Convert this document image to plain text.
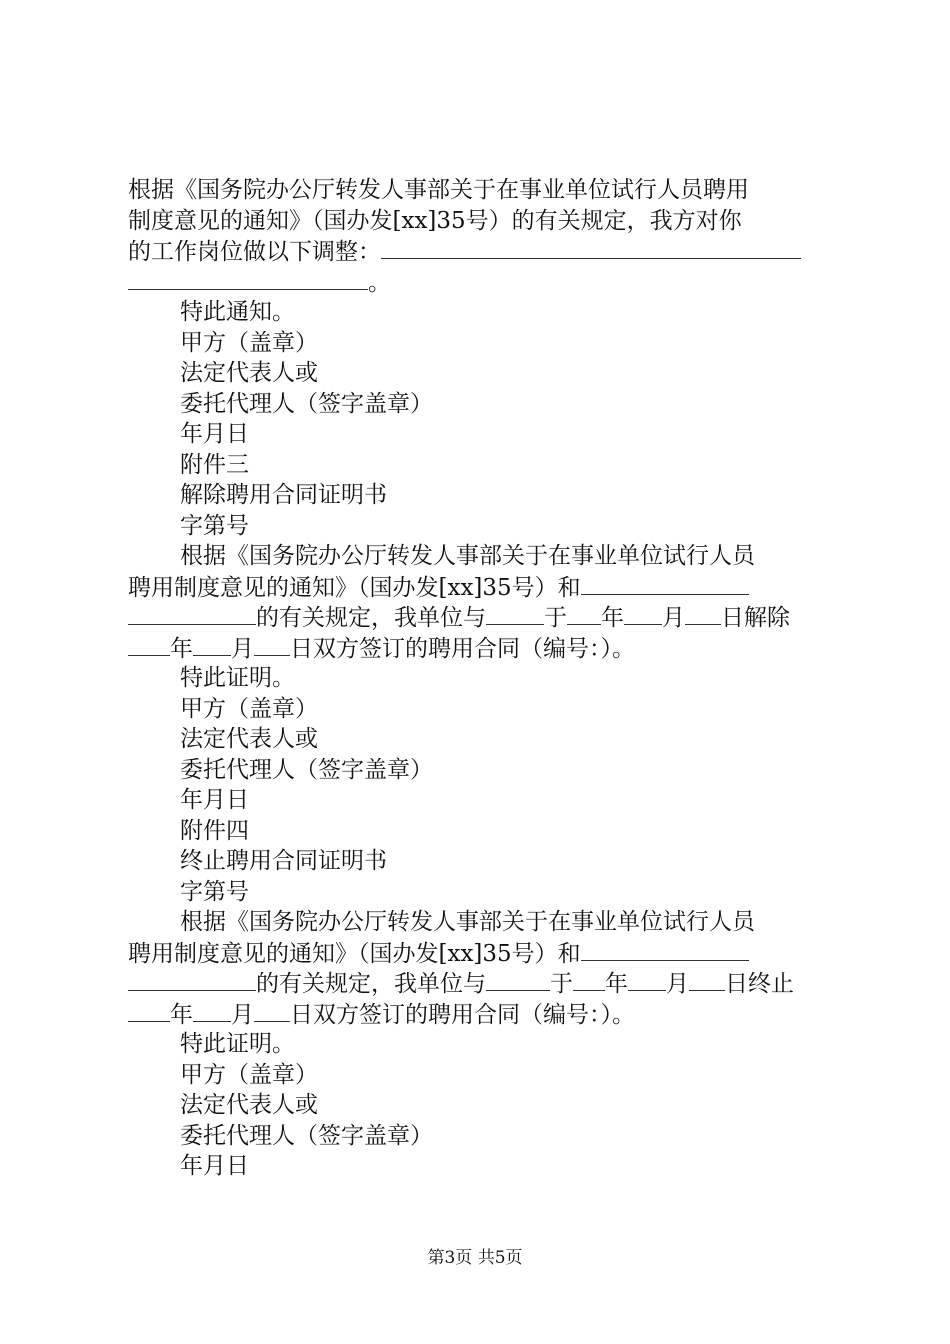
根据《国务院办公厅转发人事部关于在事业单位试行人员聘用
制度意见的通知》（国办发[xx]35号）的有关规定，我方对你
的工作岗位做以下调整：
。
特此通知。
甲方（盖章）
法定代表人或
委托代理人（签字盖章）
年月日
附件三
解除聘用合同证明书
字第号
根据《国务院办公厅转发人事部关于在事业单位试行人员
聘用制度意见的通知》（国办发[xx]35号）和
的有关规定，我单位与	于 年 月 日解除
年 月 日双方签订的聘用合同（编号：）。
特此证明。
甲方（盖章）
法定代表人或
委托代理人（签字盖章）
年月日
附件四
终止聘用合同证明书
字第号
根据《国务院办公厅转发人事部关于在事业单位试行人员
聘用制度意见的通知》（国办发[xx]35号）和
的有关规定，我单位与	于 年 月 日终止
年 月 日双方签订的聘用合同（编号：）。
特此证明。
甲方（盖章）
法定代表人或
委托代理人（签字盖章）
年月日
第3页 共5页
